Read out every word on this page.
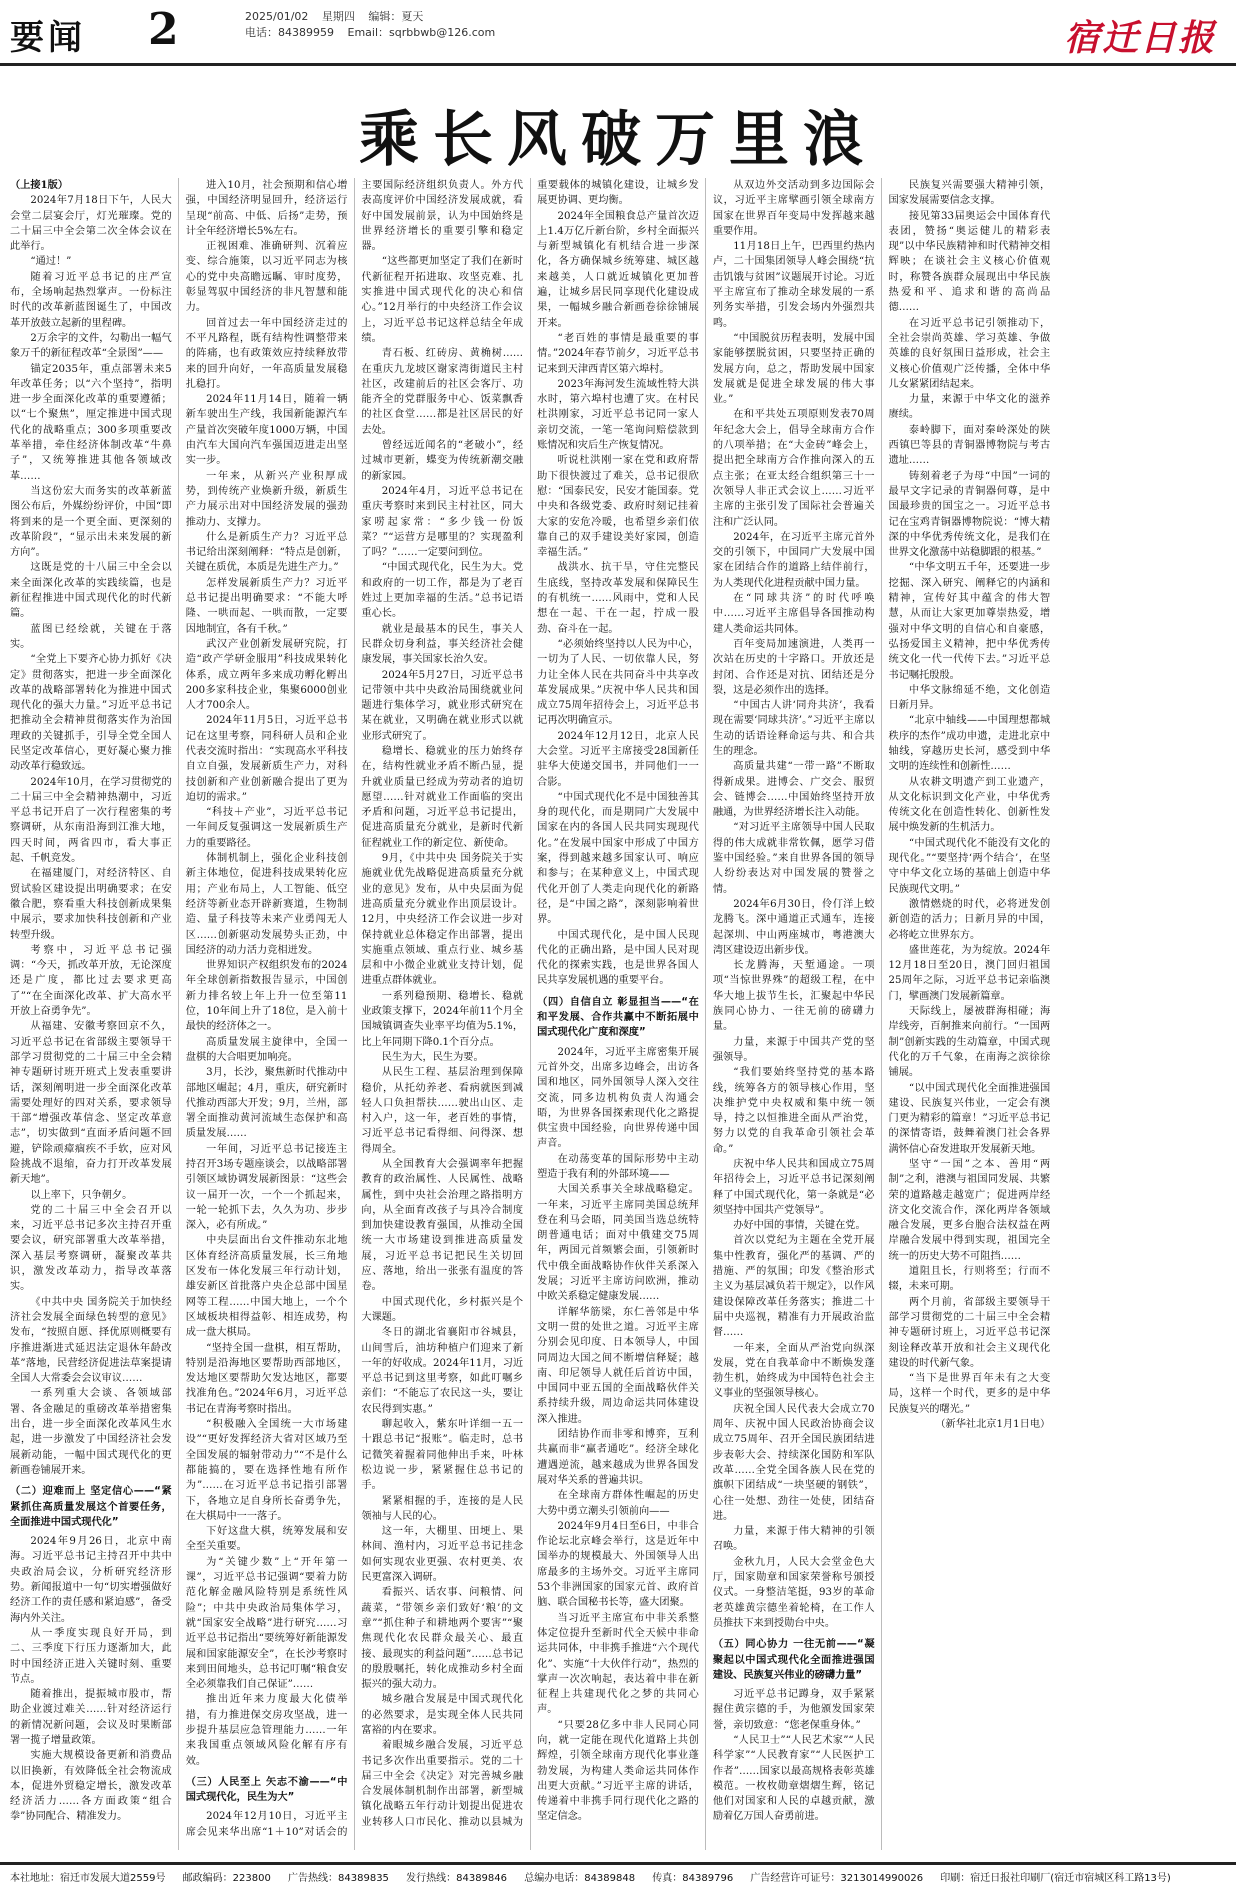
要闻 2	2025/01/02 星期四 编辑：夏天
电话：84389959 Email：sqrbbwb@126.com	宿迁日报
乘长风破万里浪

（上接1版）

2024年7月18日下午，人民大会堂二层宴会厅，灯光璀璨。党的二十届三中全会第二次全体会议在此举行。

“通过！”

随着习近平总书记的庄严宣布，全场响起热烈掌声。一份标注时代的改革新蓝图诞生了，中国改革开放鼓立起新的里程碑。

2万余字的文件，勾勒出一幅气象万千的新征程改革“全景图”——

锚定2035年，重点部署未来5年改革任务；以“六个坚持”，指明进一步全面深化改革的重要遵循；以“七个聚焦”，厘定推进中国式现代化的战略重点；300多项重要改革举措，牵住经济体制改革“牛鼻子”，又统筹推进其他各领域改革……

当这份宏大而务实的改革新蓝图公布后，外媒纷纷评价，中国“即将到来的是一个更全面、更深刻的改革阶段”，“显示出未来发展的新方向”。

这既是党的十八届三中全会以来全面深化改革的实践续篇，也是新征程推进中国式现代化的时代新篇。

蓝图已经绘就，关键在于落实。

“全党上下要齐心协力抓好《决定》贯彻落实，把进一步全面深化改革的战略部署转化为推进中国式现代化的强大力量。”习近平总书记把推动全会精神贯彻落实作为治国理政的关键抓手，引导全党全国人民坚定改革信心，更好凝心聚力推动改革行稳致远。

2024年10月，在学习贯彻党的二十届三中全会精神热潮中，习近平总书记开启了一次行程密集的考察调研，从东南沿海到江淮大地，四天时间，两省四市，看大事正起、千帆竞发。

在福建厦门，对经济特区、自贸试验区建设提出明确要求；在安徽合肥，察看重大科技创新成果集中展示，要求加快科技创新和产业转型升级。

考察中，习近平总书记强调：“今天，抓改革开放，无论深度还是广度，都比过去要求更高了”“在全面深化改革、扩大高水平开放上奋勇争先”。

从福建、安徽考察回京不久，习近平总书记在省部级主要领导干部学习贯彻党的二十届三中全会精神专题研讨班开班式上发表重要讲话，深刻阐明进一步全面深化改革需要处理好的四对关系，要求领导干部“增强改革信念、坚定改革意志”，切实做到“直面矛盾问题不回避，铲除顽瘴痼疾不手软，应对风险挑战不退缩，奋力打开改革发展新天地”。

以上率下，只争朝夕。

党的二十届三中全会召开以来，习近平总书记多次主持召开重要会议，研究部署重大改革举措，深入基层考察调研，凝聚改革共识，激发改革动力，指导改革落实。

《中共中央 国务院关于加快经济社会发展全面绿色转型的意见》发布，“按照自愿、择优原则概要有序推进渐进式延迟法定退休年龄改革”落地，民营经济促进法草案提请全国人大常委会会议审议……

一系列重大会谈、各领域部署、各金融足的重磅改革举措密集出台，进一步全面深化改革风生水起，进一步激发了中国经济社会发展新动能，一幅中国式现代化的更新画卷铺展开来。

（二）迎难而上 坚定信心——“紧紧抓住高质量发展这个首要任务，全面推进中国式现代化”

2024年9月26日，北京中南海。习近平总书记主持召开中共中央政治局会议，分析研究经济形势。新闻报道中一句“切实增强做好经济工作的责任感和紧迫感”，备受海内外关注。

从一季度实现良好开局，到二、三季度下行压力逐渐加大，此时中国经济正进入关键时刻、重要节点。

随着推出，提振城市股市，帮助企业渡过难关……针对经济运行的新情况新问题，会议及时果断部署一揽子增量政策。

实施大规模设备更新和消费品以旧换新，有效降低全社会物流成本，促进外贸稳定增长，激发改革经济活力……各方面政策“组合拳”协同配合、精准发力。

进入10月，社会预期和信心增强，中国经济明显回升，经济运行呈现“前高、中低、后扬”走势，预计全年经济增长5%左右。

正视困难、准确研判、沉着应变、综合施策，以习近平同志为核心的党中央高瞻远瞩、审时度势，彰显驾驭中国经济的非凡智慧和能力。

回首过去一年中国经济走过的不平凡路程，既有结构性调整带来的阵痛，也有政策效应持续释放带来的回升向好，一年高质量发展稳扎稳打。

2024年11月14日，随着一辆新车驶出生产线，我国新能源汽车产量首次突破年度1000万辆，中国由汽车大国向汽车强国迈进走出坚实一步。

一年来，从新兴产业积厚成势，到传统产业焕新升级，新质生产力展示出对中国经济发展的强劲推动力、支撑力。

什么是新质生产力？习近平总书记给出深刻阐释：“特点是创新，关键在质优，本质是先进生产力。”

怎样发展新质生产力？习近平总书记提出明确要求：“不能大呼隆、一哄而起、一哄而散，一定要因地制宜，各有千秋。”

武汉产业创新发展研究院，打造“政产学研金服用”科技成果转化体系，成立两年多来成功孵化孵出200多家科技企业，集聚6000创业人才700余人。

2024年11月5日，习近平总书记在这里考察，同科研人员和企业代表交流时指出：“实现高水平科技自立自强，发展新质生产力，对科技创新和产业创新融合提出了更为迫切的需求。”

“科技＋产业”，习近平总书记一年间反复强调这一发展新质生产力的重要路径。

体制机制上，强化企业科技创新主体地位，促进科技成果转化应用；产业布局上，人工智能、低空经济等新业态开辟新赛道，生物制造、量子科技等未来产业勇闯无人区……创新驱动发展势头正劲，中国经济的动力活力竞相迸发。

世界知识产权组织发布的2024年全球创新指数报告显示，中国创新力排名较上年上升一位至第11位，10年间上升了18位，是入前十最快的经济体之一。

高质量发展主旋律中，全国一盘棋的大合唱更加响亮。

3月，长沙，聚焦新时代推动中部地区崛起；4月，重庆，研究新时代推动西部大开发；9月，兰州，部署全面推动黄河流域生态保护和高质量发展……

一年间，习近平总书记接连主持召开3场专题座谈会，以战略部署引领区域协调发展新图景：“这些会议一届开一次，一个一个抓起来，一轮一轮抓下去，久久为功、步步深入，必有所成。”

中央层面出台文件推动东北地区体育经济高质量发展，长三角地区发布一体化发展三年行动计划，雄安新区首批落户央企总部中国星网等工程……中国大地上，一个个区域板块相得益彰、相连成势，构成一盘大棋局。

“坚持全国一盘棋，相互帮助，特别是沿海地区要帮助西部地区，发达地区要帮助欠发达地区，都要找准角色。”2024年6月，习近平总书记在青海考察时指出。

“积极融入全国统一大市场建设”“更好发挥经济大省对区域乃至全国发展的辐射带动力”“不是什么都能搞的，要在选择性地有所作为”……在习近平总书记指引部署下，各地立足自身所长奋勇争先，在大棋局中一一落子。

下好这盘大棋，统筹发展和安全至关重要。

为“关键少数”上“开年第一课”，习近平总书记强调“要着力防范化解金融风险特别是系统性风险”；中共中央政治局集体学习，就“国家安全战略”进行研究……习近平总书记指出“要统筹好新能源发展和国家能源安全”，在长沙考察时来到田间地头，总书记叮嘱“粮食安全必须靠我们自己保证”……

推出近年来力度最大化债举措，有力推进保交房攻坚战，进一步提升基层应急管理能力……一年来我国重点领域风险化解有序有效。

（三）人民至上 矢志不渝——“中国式现代化，民生为大”

2024年12月10日，习近平主席会见来华出席“1＋10”对话会的主要国际经济组织负责人。外方代表高度评价中国经济发展成就，看好中国发展前景，认为中国始终是世界经济增长的重要引擎和稳定器。

“这些都更加坚定了我们在新时代新征程开拓进取、攻坚克难、扎实推进中国式现代化的决心和信心。”12月举行的中央经济工作会议上，习近平总书记这样总结全年成绩。

青石板、红砖房、黄桷树……在重庆九龙坡区谢家湾街道民主村社区，改建前后的社区会客厅、功能齐全的党群服务中心、饭菜飘香的社区食堂……都是社区居民的好去处。

曾经远近闻名的“老破小”，经过城市更新，蝶变为传统新潮交融的新家园。

2024年4月，习近平总书记在重庆考察时来到民主村社区，同大家唠起家常：“多少钱一份饭菜？”“运营方是哪里的？实现盈利了吗？”……一定要问到位。

“中国式现代化，民生为大。党和政府的一切工作，都是为了老百姓过上更加幸福的生活。”总书记语重心长。

就业是最基本的民生，事关人民群众切身利益，事关经济社会健康发展，事关国家长治久安。

2024年5月27日，习近平总书记带领中共中央政治局围绕就业问题进行集体学习，就业形式研究在某在就业，又明确在就业形式以就业形式研究了。

稳增长、稳就业的压力始终存在，结构性就业矛盾不断凸显，提升就业质量已经成为劳动者的迫切愿望……针对就业工作面临的突出矛盾和问题，习近平总书记提出，促进高质量充分就业，是新时代新征程就业工作的新定位、新使命。

9月，《中共中央 国务院关于实施就业优先战略促进高质量充分就业的意见》发布，从中央层面为促进高质量充分就业作出顶层设计。12月，中央经济工作会议进一步对保持就业总体稳定作出部署，提出实施重点领域、重点行业、城乡基层和中小微企业就业支持计划，促进重点群体就业。

一系列稳预期、稳增长、稳就业政策支撑下，2024年前11个月全国城镇调查失业率平均值为5.1%，比上年同期下降0.1个百分点。

民生为大，民生为要。

从民生工程、基层治理到保障稳价，从托幼养老、看病就医到减轻人口负担帮扶……驶出山区、走村入户，这一年，老百姓的事情，习近平总书记看得细、问得深、想得周全。

从全国教育大会强调率年把握教育的政治属性、人民属性、战略属性，到中央社会治理之路指明方向，从全面育改孩子与具冷合制度到加快建设教育强国，从推动全国统一大市场建设到推进高质量发展，习近平总书记把民生关切回应、落地，给出一张张有温度的答卷。

中国式现代化，乡村振兴是个大课题。

冬日的湖北省襄阳市谷城县，山间雪后，油坊种植户们迎来了新一年的好收成。2024年11月，习近平总书记到这里考察，如此叮嘱乡亲们：“不能忘了农民这一头，要让农民得到实惠。”

聊起收入，紫东叶详细一五一十跟总书记“报账”。临走时，总书记微笑着握着同他伸出手来，叶林松边说一步，紧紧握住总书记的手。

紧紧相握的手，连接的是人民领袖与人民的心。

这一年，大棚里、田埂上、果林间、渔村内，习近平总书记挂念如何实现农业更强、农村更美、农民更富深入调研。

看振兴、话农事、问粮情、问蔬菜，“带领乡亲们致好‘粮’的文章”“抓住种子和耕地两个要害”“聚焦现代化农民群众最关心、最直接、最现实的利益问题”……总书记的殷殷嘱托，转化成推动乡村全面振兴的强大动力。

城乡融合发展是中国式现代化的必然要求，是实现全体人民共同富裕的内在要求。

着眼城乡融合发展，习近平总书记多次作出重要指示。党的二十届三中全会《决定》对完善城乡融合发展体制机制作出部署，新型城镇化战略五年行动计划提出促进农业转移人口市民化、推动以县城为重要载体的城镇化建设，让城乡发展更协调、更均衡。

2024年全国粮食总产量首次迈上1.4万亿斤新台阶，乡村全面振兴与新型城镇化有机结合进一步深化，各方确保城乡统筹建、城区越来越美，人口就近城镇化更加普遍，让城乡居民同享现代化建设成果，一幅城乡融合新画卷徐徐铺展开来。

“老百姓的事情是最重要的事情。”2024年春节前夕，习近平总书记来到天津西青区第六埠村。

2023年海河发生流域性特大洪水时，第六埠村也遭了灾。在村民杜洪刚家，习近平总书记同一家人亲切交流，一笔一笔询问赔偿款到账情况和灾后生产恢复情况。

听说杜洪刚一家在党和政府帮助下很快渡过了难关，总书记很欣慰：“国泰民安，民安才能国泰。党中央和各级党委、政府时刻记挂着大家的安危冷暖，也希望乡亲们依靠自己的双手建设美好家园，创造幸福生活。”

战洪水、抗干旱，守住完整民生底线，坚持改革发展和保障民生的有机统一……风雨中，党和人民想在一起、干在一起，拧成一股劲、奋斗在一起。

“必须始终坚持以人民为中心，一切为了人民、一切依靠人民，努力让全体人民在共同奋斗中共享改革发展成果。”庆祝中华人民共和国成立75周年招待会上，习近平总书记再次明确宣示。

2024年12月12日，北京人民大会堂。习近平主席接受28国新任驻华大使递交国书，并同他们一一合影。

“中国式现代化不是中国独善其身的现代化，而是期同广大发展中国家在内的各国人民共同实现现代化。”在发展中国家中形成了中国方案，得到越来越多国家认可、响应和参与；在某种意义上，中国式现代化开创了人类走向现代化的新路径，是“中国之路”，深刻影响着世界。

中国式现代化，是中国人民现代化的正确出路，是中国人民对现代化的探索实践，也是世界各国人民共享发展机遇的重要平台。

（四）自信自立 彰显担当——“在和平发展、合作共赢中不断拓展中国式现代化广度和深度”

2024年，习近平主席密集开展元首外交，出席多边峰会，出访各国和地区，同外国领导人深入交往交流，同多边机构负责人沟通会晤，为世界各国探索现代化之路提供宝贵中国经验，向世界传递中国声音。

在动荡变革的国际形势中主动塑造于我有利的外部环境——

大国关系事关全球战略稳定。一年来，习近平主席同美国总统拜登在利马会晤，同美国当选总统特朗普通电话；面对中俄建交75周年，两国元首频繁会面，引领新时代中俄全面战略协作伙伴关系深入发展；习近平主席访问欧洲，推动中欧关系稳定健康发展……

详解华筋梁，东仁善邻是中华文明一贯的处世之道。习近平主席分别会见印度、日本领导人，中国同周边大国之间不断增信释疑；越南、印尼领导人就任后首访中国，中国同中亚五国的全面战略伙伴关系持续升级，周边命运共同体建设深入推进。

团结协作而非零和博弈，互利共赢而非“赢者通吃”。经济全球化遭遇逆流，越来越成为世界各国发展对华关系的普遍共识。

在全球南方群体性崛起的历史大势中勇立潮头引领前向——

2024年9月4日至6日，中非合作论坛北京峰会举行，这是近年中国举办的规模最大、外国领导人出席最多的主场外交。习近平主席同53个非洲国家的国家元首、政府首脑、联合国秘书长等，盛大团聚。

当习近平主席宣布中非关系整体定位提升至新时代全天候中非命运共同体，中非携手推进“六个现代化”、实施“十大伙伴行动”，热烈的掌声一次次响起，表达着中非在新征程上共建现代化之梦的共同心声。

“只要28亿多中非人民同心同向，就一定能在现代化道路上共创辉煌，引领全球南方现代化事业蓬勃发展，为构建人类命运共同体作出更大贡献。”习近平主席的讲话，传递着中非携手同行现代化之路的坚定信念。

从双边外交活动到多边国际会议，习近平主席擘画引领全球南方国家在世界百年变局中发挥越来越重要作用。

11月18日上午，巴西里约热内卢，二十国集团领导人峰会围绕“抗击饥饿与贫困”议题展开讨论。习近平主席宣布了推动全球发展的一系列务实举措，引发会场内外强烈共鸣。

“中国脱贫历程表明，发展中国家能够摆脱贫困，只要坚持正确的发展方向，总之，帮助发展中国家发展就是促进全球发展的伟大事业。”

在和平共处五项原则发表70周年纪念大会上，倡导全球南方合作的八项举措；在“大金砖”峰会上，提出把全球南方合作推向深入的五点主张；在亚太经合组织第三十一次领导人非正式会议上……习近平主席的主张引发了国际社会普遍关注和广泛认同。

2024年，在习近平主席元首外交的引领下，中国同广大发展中国家在团结合作的道路上结伴前行，为人类现代化进程贡献中国力量。

在“同球共济”的时代呼唤中……习近平主席倡导各国推动构建人类命运共同体。

百年变局加速演进，人类再一次站在历史的十字路口。开放还是封闭、合作还是对抗、团结还是分裂，这是必须作出的选择。

“中国古人讲‘同舟共济’，我看现在需要‘同球共济’。”习近平主席以生动的话语诠释命运与共、和合共生的理念。

高质量共建“一带一路”不断取得新成果。进博会、广交会、服贸会、链博会……中国始终坚持开放融通，为世界经济增长注入动能。

“对习近平主席领导中国人民取得的伟大成就非常钦佩，愿学习借鉴中国经验。”来自世界各国的领导人纷纷表达对中国发展的赞誉之情。

2024年6月30日，伶仃洋上蛟龙腾飞。深中通道正式通车，连接起深圳、中山两座城市，粤港澳大湾区建设迈出新步伐。

长龙腾海，天堑通途。一项项“当惊世界殊”的超级工程，在中华大地上拔节生长，汇聚起中华民族同心协力、一往无前的磅礴力量。

力量，来源于中国共产党的坚强领导。

“我们要始终坚持党的基本路线，统筹各方的领导核心作用，坚决维护党中央权威和集中统一领导，持之以恒推进全面从严治党，努力以党的自我革命引领社会革命。”

庆祝中华人民共和国成立75周年招待会上，习近平总书记深刻阐释了中国式现代化，第一条就是“必须坚持中国共产党领导”。

办好中国的事情，关键在党。

首次以党纪为主题在全党开展集中性教育，强化严的基调、严的措施、严的氛围；印发《整治形式主义为基层减负若干规定》，以作风建设保障改革任务落实；推进二十届中央巡视，精准有力开展政治监督……

一年来，全面从严治党向纵深发展，党在自我革命中不断焕发蓬勃生机，始终成为中国特色社会主义事业的坚强领导核心。

庆祝全国人民代表大会成立70周年、庆祝中国人民政治协商会议成立75周年、召开全国民族团结进步表彰大会、持续深化国防和军队改革……全党全国各族人民在党的旗帜下团结成“一块坚硬的钢铁”，心往一处想、劲往一处使，团结奋进。

力量，来源于伟大精神的引领召唤。

金秋九月，人民大会堂金色大厅，国家勋章和国家荣誉称号颁授仪式。一身整洁笔挺，93岁的革命老英雄黄宗德坐着轮椅，在工作人员推扶下来到授勋台中央。

（五）同心协力 一往无前——“凝聚起以中国式现代化全面推进强国建设、民族复兴伟业的磅礴力量”

习近平总书记蹲身，双手紧紧握住黄宗德的手，为他颁发国家荣誉，亲切致意：“您老保重身体。”

“人民卫士”“人民艺术家”“人民科学家”“人民教育家”“人民医护工作者”……国家以最高规格表彰英雄模范。一枚枚勋章熠熠生辉，铭记他们对国家和人民的卓越贡献，激励着亿万国人奋勇前进。

民族复兴需要强大精神引领，国家发展需要信念支撑。

接见第33届奥运会中国体育代表团，赞扬“奥运健儿的精彩表现”以中华民族精神和时代精神交相辉映；在谈社会主义核心价值观时，称赞各族群众展现出中华民族热爱和平、追求和谐的高尚品德……

在习近平总书记引领推动下，全社会崇尚英雄、学习英雄、争做英雄的良好氛围日益形成，社会主义核心价值观广泛传播，全体中华儿女紧紧团结起来。

力量，来源于中华文化的滋养赓续。

泰岭脚下，面对秦岭深处的陕西镇巴等县的青铜器博物院与考古遗址……

铸刻着老子为母“中国”一词的最早文字记录的青铜器何尊，是中国最珍贵的国宝之一。习近平总书记在宝鸡青铜器博物院说：“博大精深的中华优秀传统文化，是我们在世界文化激荡中站稳脚跟的根基。”

“中华文明五千年，还要进一步挖掘、深入研究、阐释它的内涵和精神，宣传好其中蕴含的伟大智慧，从而让大家更加尊崇热爱，增强对中华文明的自信心和自豪感，弘扬爱国主义精神，把中华优秀传统文化一代一代传下去。”习近平总书记嘱托殷殷。

中华文脉绵延不绝，文化创造日新月异。

“北京中轴线——中国理想都城秩序的杰作”成功申遗，走进北京中轴线，穿越历史长河，感受到中华文明的连续性和创新性……

从农耕文明遗产到工业遗产，从文化标识到文化产业，中华优秀传统文化在创造性转化、创新性发展中焕发新的生机活力。

“中国式现代化不能没有文化的现代化。”“要坚持‘两个结合’，在坚守中华文化立场的基础上创造中华民族现代文明。”

激情燃烧的时代，必将迸发创新创造的活力；日新月异的中国，必将屹立世界东方。

盛世莲花，为为绽放。2024年12月18日至20日，澳门回归祖国25周年之际，习近平总书记亲临澳门，擘画澳门发展新篇章。

天际线上，屡被群海相碰；海岸线旁，百舸推来向前行。“一国两制”创新实践的生动篇章，中国式现代化的万千气象，在南海之滨徐徐铺展。

“以中国式现代化全面推进强国建设、民族复兴伟业，一定会有澳门更为精彩的篇章！”习近平总书记的深情寄语，鼓舞着澳门社会各界满怀信心奋发进取开发展新天地。

坚守“一国”之本、善用“两制”之利，港澳与祖国同发展、共繁荣的道路越走越宽广；促进两岸经济文化交流合作，深化两岸各领域融合发展，更多台胞合法权益在两岸融合发展中得到实现，祖国完全统一的历史大势不可阻挡……

道阻且长，行则将至；行而不辍，未来可期。

两个月前，省部级主要领导干部学习贯彻党的二十届三中全会精神专题研讨班上，习近平总书记深刻诠释改革开放和社会主义现代化建设的时代新气象。

“当下是世界百年未有之大变局，这样一个时代，更多的是中华民族复兴的曙光。”

（新华社北京1月1日电）

本社地址：宿迁市发展大道2559号 邮政编码：223800 广告热线：84389835 发行热线：84389846 总编办电话：84389848 传真：84389796 广告经营许可证号：3213014990026 印刷：宿迁日报社印刷厂(宿迁市宿城区科工路13号)
